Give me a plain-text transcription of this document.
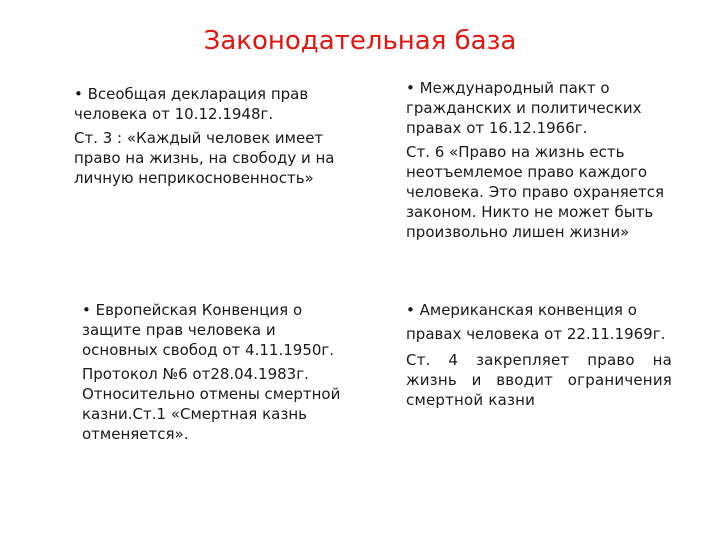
Законодательная база

• Всеобщая декларация прав человека от 10.12.1948г.

Ст. 3 : «Каждый человек имеет право на жизнь, на свободу и на личную неприкосновенность»

• Международный пакт о гражданских и политических правах от 16.12.1966г.

Ст. 6 «Право на жизнь есть неотъемлемое право каждого человека. Это право охраняется законом. Никто не может быть произвольно лишен жизни»

• Европейская Конвенция о защите прав человека и основных свобод от 4.11.1950г.

Протокол №6 от28.04.1983г. Относительно отмены смертной казни.Ст.1 «Смертная казнь отменяется».

• Американская конвенция о правах человека от 22.11.1969г.

Ст. 4 закрепляет право на жизнь и вводит ограничения смертной казни
